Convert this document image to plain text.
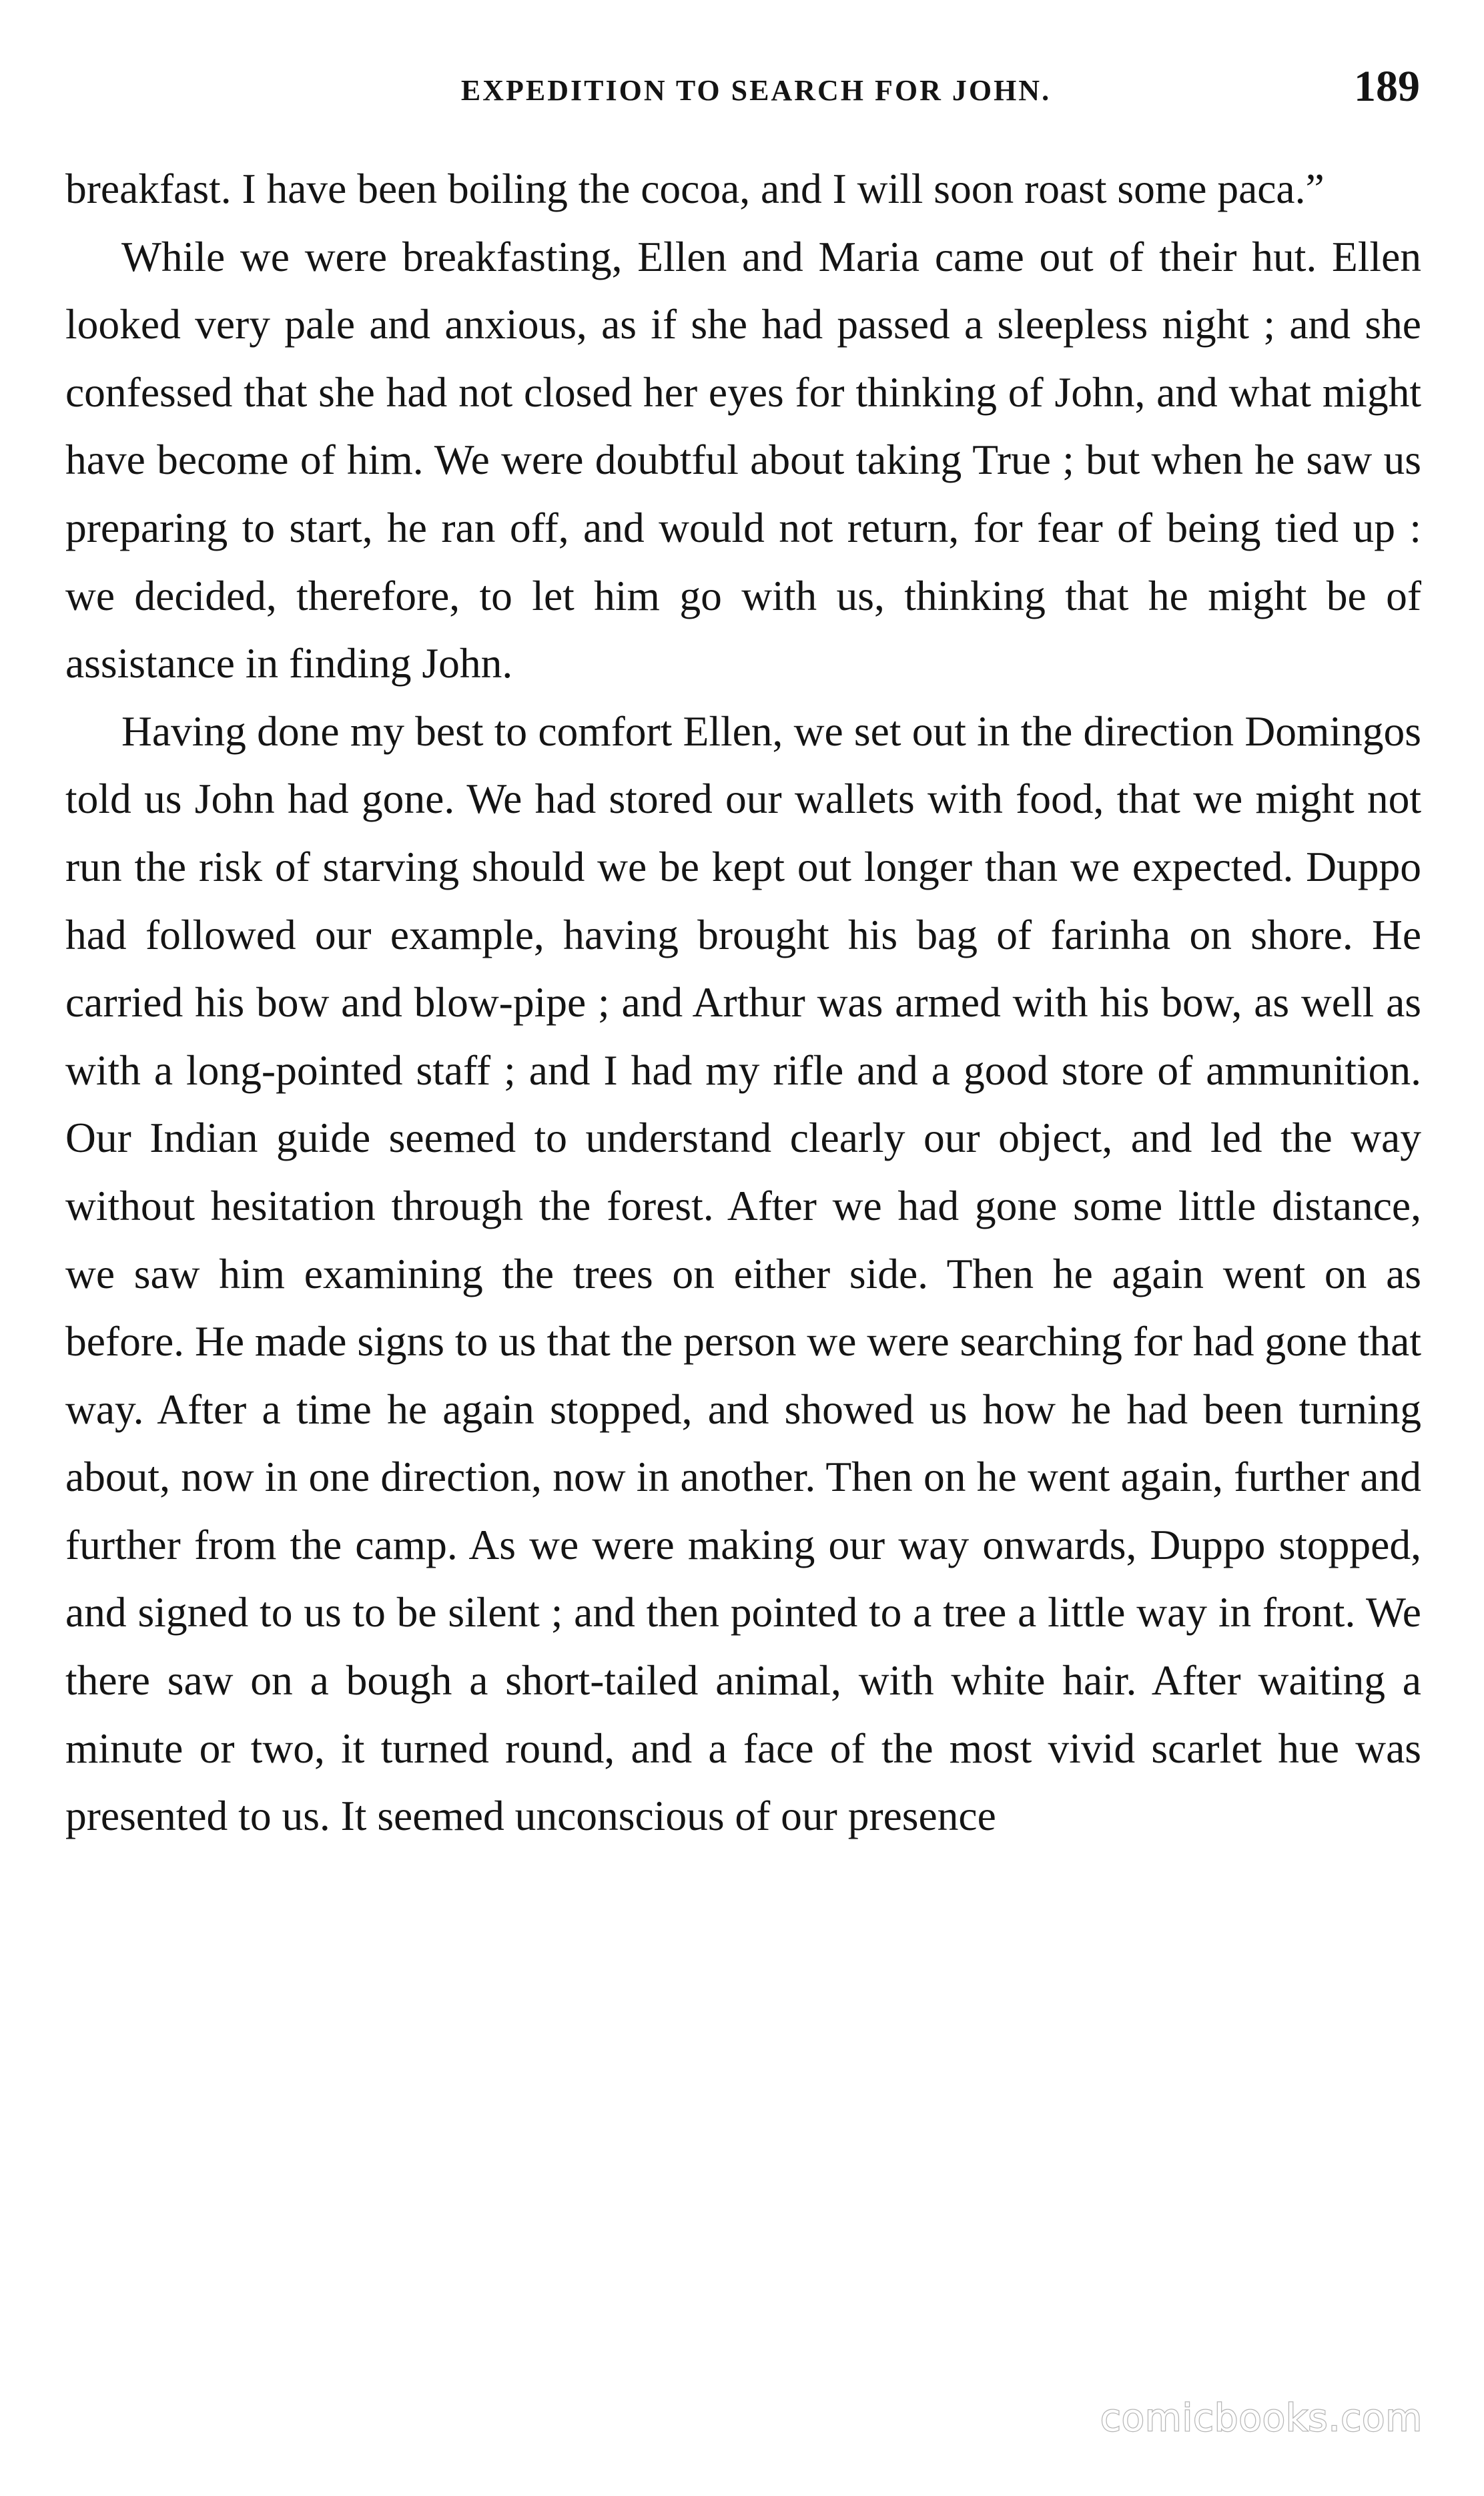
EXPEDITION TO SEARCH FOR JOHN.	189

breakfast. I have been boiling the cocoa, and I will soon roast some paca.”

While we were breakfasting, Ellen and Maria came out of their hut. Ellen looked very pale and anxious, as if she had passed a sleepless night ; and she confessed that she had not closed her eyes for thinking of John, and what might have become of him. We were doubtful about taking True ; but when he saw us preparing to start, he ran off, and would not return, for fear of being tied up : we decided, therefore, to let him go with us, thinking that he might be of assistance in finding John.

Having done my best to comfort Ellen, we set out in the direction Domingos told us John had gone. We had stored our wallets with food, that we might not run the risk of starving should we be kept out longer than we expected. Duppo had followed our example, having brought his bag of farinha on shore. He carried his bow and blow-pipe ; and Arthur was armed with his bow, as well as with a long-pointed staff ; and I had my rifle and a good store of ammunition. Our Indian guide seemed to understand clearly our object, and led the way without hesitation through the forest. After we had gone some little distance, we saw him examining the trees on either side. Then he again went on as before. He made signs to us that the person we were searching for had gone that way. After a time he again stopped, and showed us how he had been turning about, now in one direction, now in another. Then on he went again, further and further from the camp. As we were making our way onwards, Duppo stopped, and signed to us to be silent ; and then pointed to a tree a little way in front. We there saw on a bough a short-tailed animal, with white hair. After waiting a minute or two, it turned round, and a face of the most vivid scarlet hue was presented to us. It seemed unconscious of our presence

comicbooks.com
